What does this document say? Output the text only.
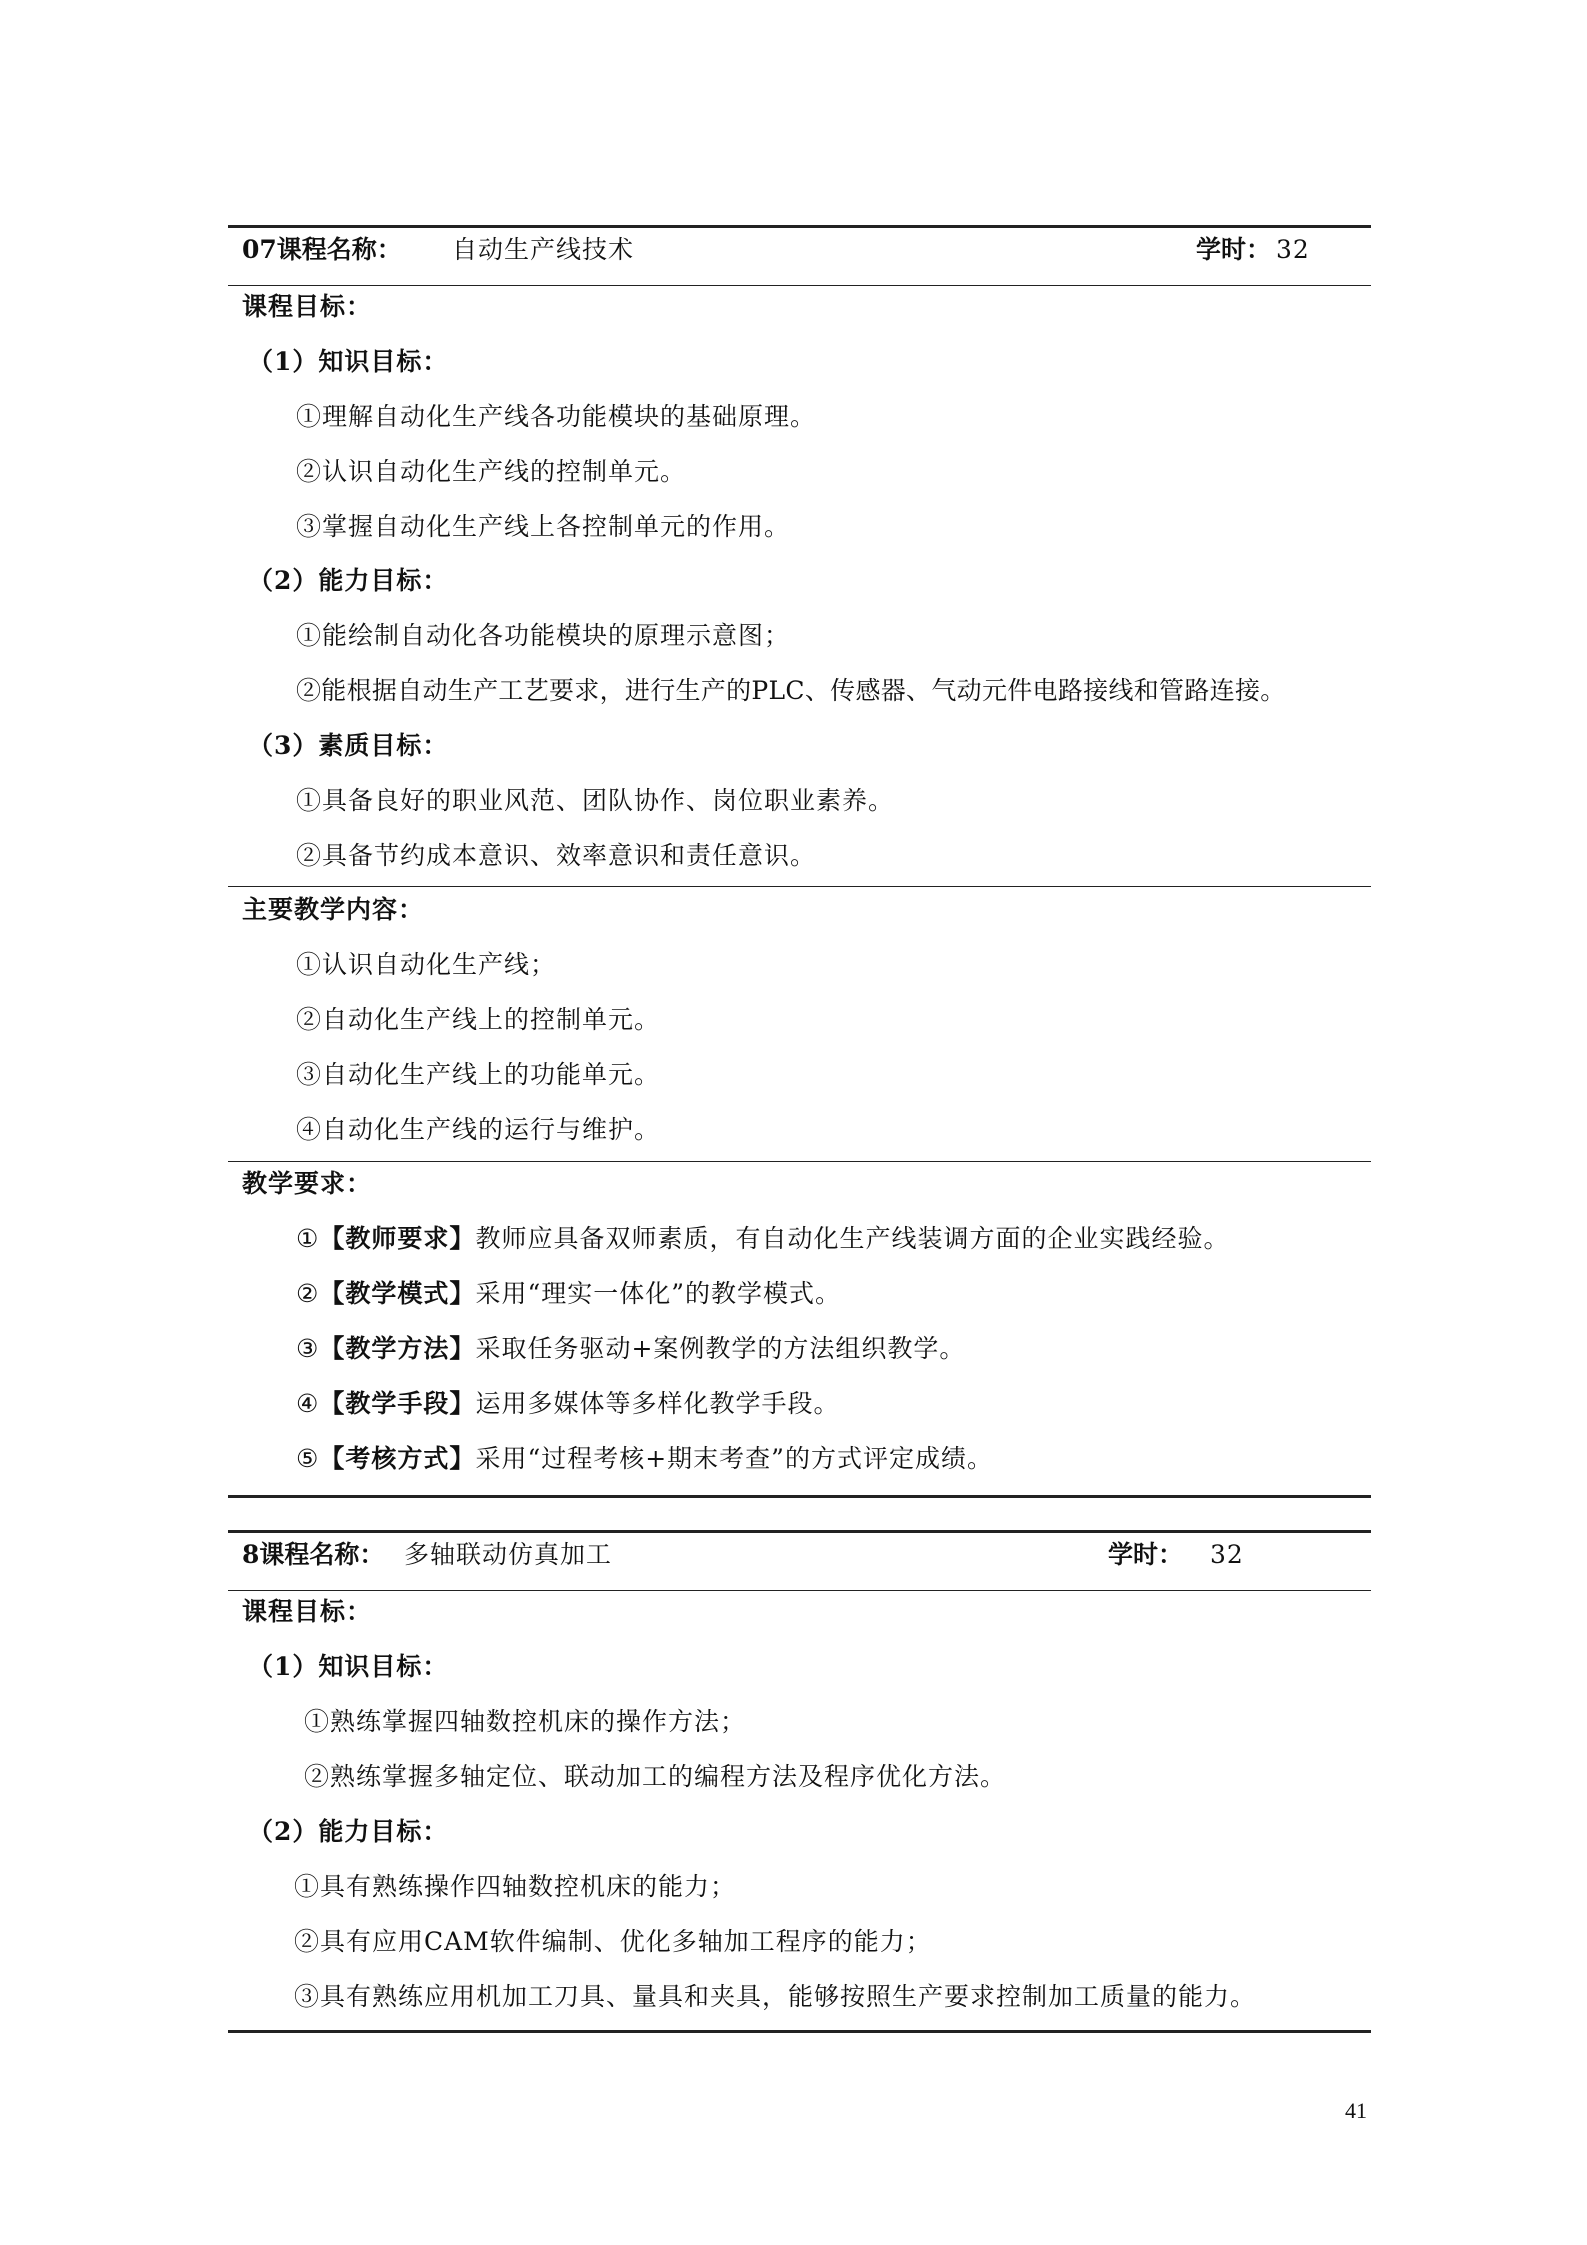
07课程名称： 自动生产线技术	学时： 32
课程目标：
（1）知识目标：
①理解自动化生产线各功能模块的基础原理。
②认识自动化生产线的控制单元。
③掌握自动化生产线上各控制单元的作用。
（2）能力目标：
①能绘制自动化各功能模块的原理示意图；
②能根据自动生产工艺要求，进行生产的PLC、传感器、气动元件电路接线和管路连接。
（3）素质目标：
①具备良好的职业风范、团队协作、岗位职业素养。
②具备节约成本意识、效率意识和责任意识。
主要教学内容：
①认识自动化生产线；
②自动化生产线上的控制单元。
③自动化生产线上的功能单元。
④自动化生产线的运行与维护。
教学要求：
①【教师要求】教师应具备双师素质，有自动化生产线装调方面的企业实践经验。
②【教学模式】采用“理实一体化”的教学模式。
③【教学方法】采取任务驱动+案例教学的方法组织教学。
④【教学手段】运用多媒体等多样化教学手段。
⑤【考核方式】采用“过程考核+期末考查”的方式评定成绩。
8课程名称： 多轴联动仿真加工	学时： 32
课程目标：
（1）知识目标：
①熟练掌握四轴数控机床的操作方法；
②熟练掌握多轴定位、联动加工的编程方法及程序优化方法。
（2）能力目标：
①具有熟练操作四轴数控机床的能力；
②具有应用CAM软件编制、优化多轴加工程序的能力；
③具有熟练应用机加工刀具、量具和夹具，能够按照生产要求控制加工质量的能力。
41
